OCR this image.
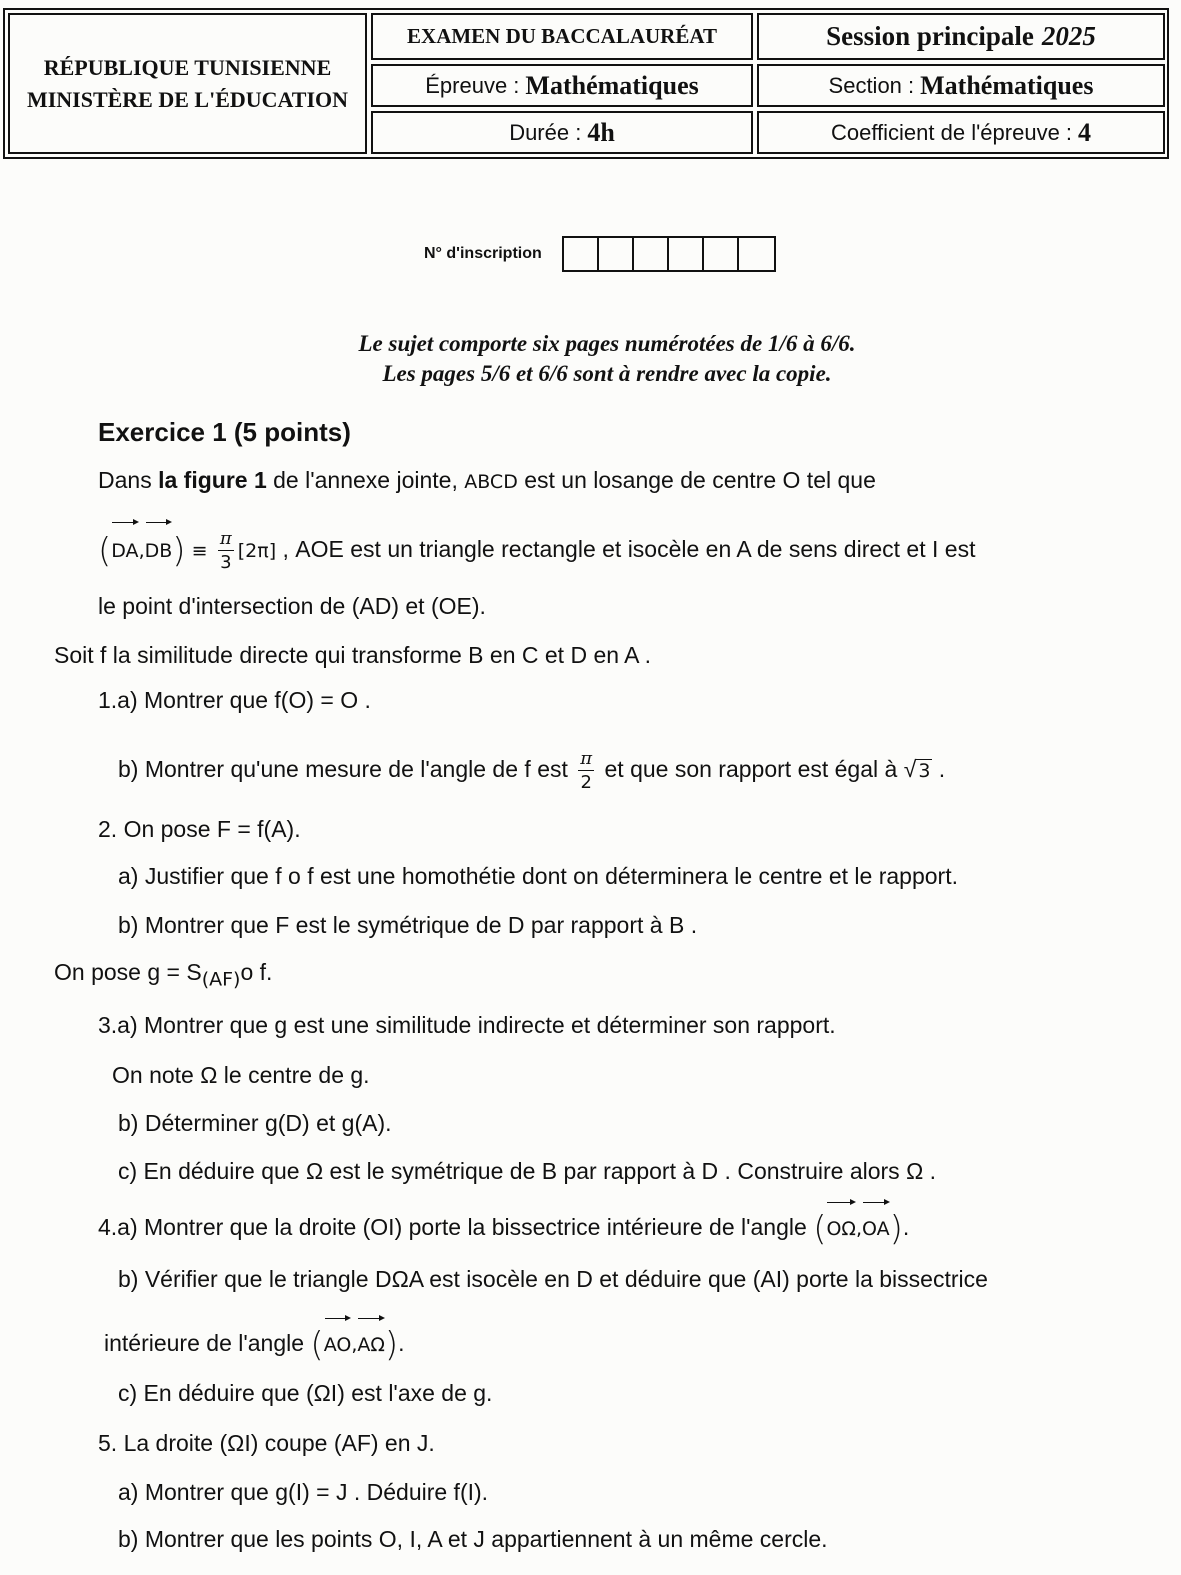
RÉPUBLIQUE TUNISIENNE
MINISTÈRE DE L'ÉDUCATION
EXAMEN DU BACCALAURÉAT	Session principale 2025
Épreuve : Mathématiques	Section : Mathématiques
Durée : 4h	Coefficient de l'épreuve : 4
N° d'inscription
Le sujet comporte six pages numérotées de 1/6 à 6/6.
Les pages 5/6 et 6/6 sont à rendre avec la copie.
Exercice 1 (5 points)
Dans la figure 1 de l'annexe jointe, ABCD est un losange de centre O tel que
$(DA,DB) \equiv \frac{\pi}{3} [2\pi]$ , AOE est un triangle rectangle et isocèle en A de sens direct et I est
le point d'intersection de (AD) et (OE).
Soit f la similitude directe qui transforme B en C et D en A .
1.a) Montrer que f(O) = O .
b) Montrer qu'une mesure de l'angle de f est $\frac{\pi}{2}$ et que son rapport est égal à √ 3 .
2. On pose F = f(A).
a) Justifier que f o f est une homothétie dont on déterminera le centre et le rapport.
b) Montrer que F est le symétrique de D par rapport à B .
On pose $g = S_{(AF)}o$ f.
3.a) Montrer que g est une similitude indirecte et déterminer son rapport.
On note Ω le centre de g.
b) Déterminer g(D) et g(A).
c) En déduire que Ω est le symétrique de B par rapport à D . Construire alors Ω .
4.a) Montrer que la droite (OI) porte la bissectrice intérieure de l'angle (OΩ,OA).
b) Vérifier que le triangle DΩA est isocèle en D et déduire que (AI) porte la bissectrice
intérieure de l'angle (AO,AΩ).
c) En déduire que (ΩI) est l'axe de g.
5. La droite (ΩI) coupe (AF) en J.
a) Montrer que g(I) = J . Déduire f(I).
b) Montrer que les points O, I, A et J appartiennent à un même cercle.
